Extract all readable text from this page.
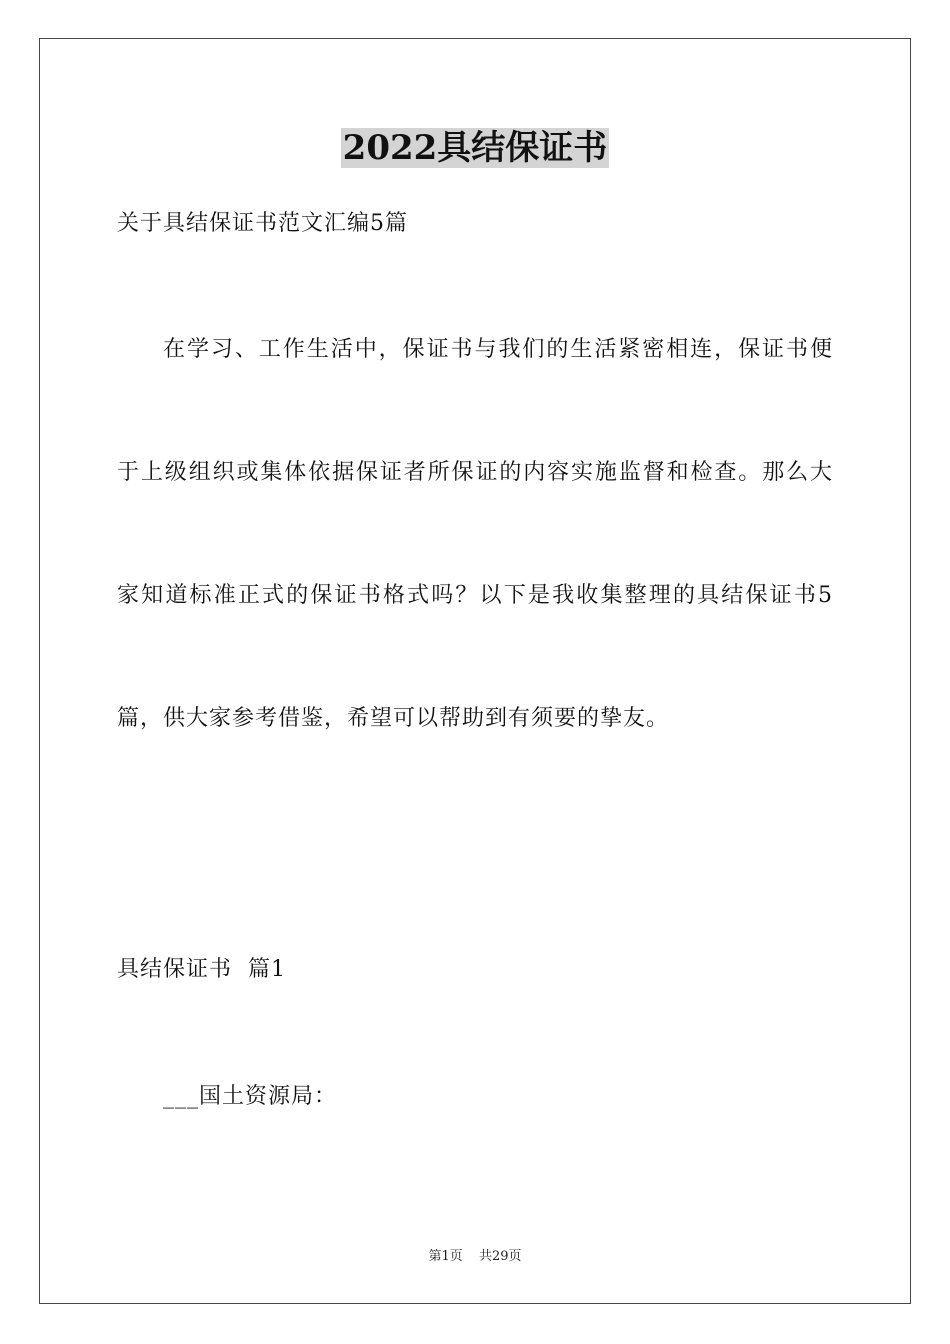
2022具结保证书
关于具结保证书范文汇编5篇
在学习、工作生活中，保证书与我们的生活紧密相连，保证书便
于上级组织或集体依据保证者所保证的内容实施监督和检查。那么大
家知道标准正式的保证书格式吗？以下是我收集整理的具结保证书5
篇，供大家参考借鉴，希望可以帮助到有须要的挚友。
具结保证书  篇1
___国土资源局：
第1页 共29页
